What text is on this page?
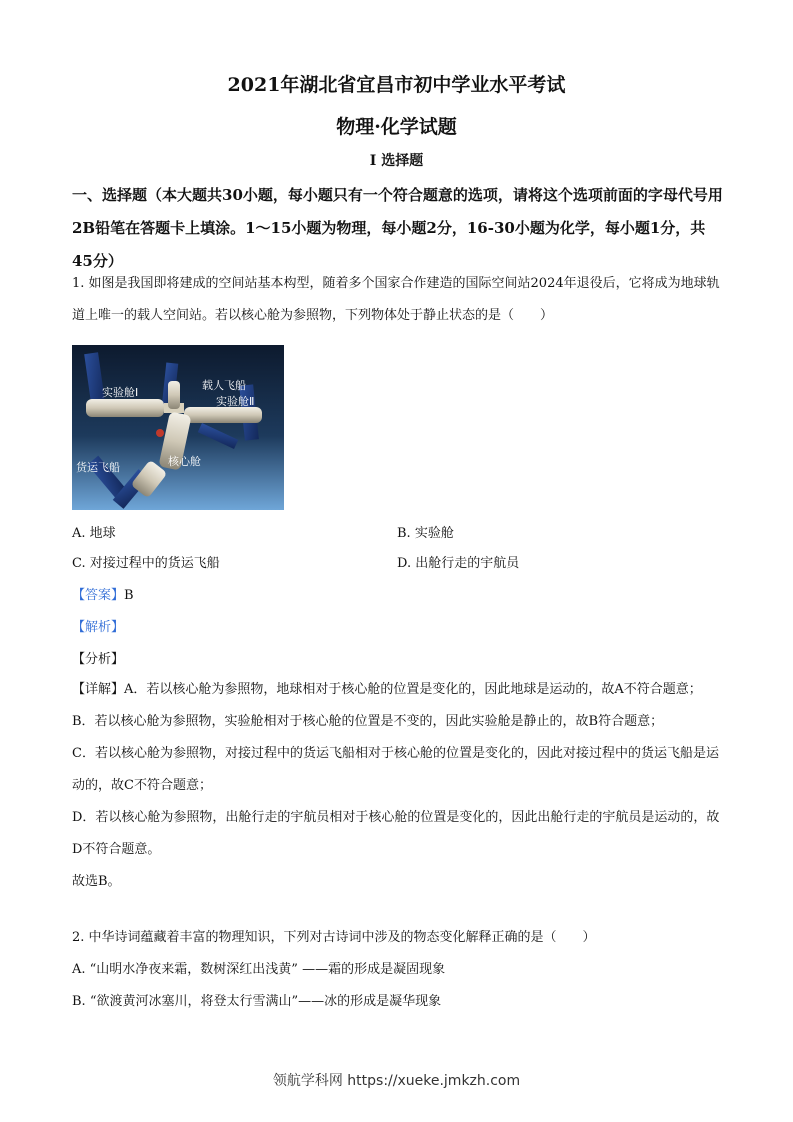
2021年湖北省宜昌市初中学业水平考试
物理·化学试题
I 选择题
一、选择题（本大题共30小题，每小题只有一个符合题意的选项，请将这个选项前面的字母代号用2B铅笔在答题卡上填涂。1～15小题为物理，每小题2分，16-30小题为化学，每小题1分，共45分）
1. 如图是我国即将建成的空间站基本构型，随着多个国家合作建造的国际空间站2024年退役后，它将成为地球轨道上唯一的载人空间站。若以核心舱为参照物，下列物体处于静止状态的是（　　）
实验舱Ⅰ
载人飞船
实验舱Ⅱ
货运飞船	核心舱
A. 地球	B. 实验舱
C. 对接过程中的货运飞船	D. 出舱行走的宇航员
【答案】B
【解析】
【分析】

【详解】A．若以核心舱为参照物，地球相对于核心舱的位置是变化的，因此地球是运动的，故A不符合题意；

B．若以核心舱为参照物，实验舱相对于核心舱的位置是不变的，因此实验舱是静止的，故B符合题意；

C．若以核心舱为参照物，对接过程中的货运飞船相对于核心舱的位置是变化的，因此对接过程中的货运飞船是运动的，故C不符合题意；

D．若以核心舱为参照物，出舱行走的宇航员相对于核心舱的位置是变化的，因此出舱行走的宇航员是运动的，故D不符合题意。

故选B。

2. 中华诗词蕴藏着丰富的物理知识，下列对古诗词中涉及的物态变化解释正确的是（　　）
A. “山明水净夜来霜，数树深红出浅黄” ——霜的形成是凝固现象
B. “欲渡黄河冰塞川，将登太行雪满山”——冰的形成是凝华现象
领航学科网 https://xueke.jmkzh.com
